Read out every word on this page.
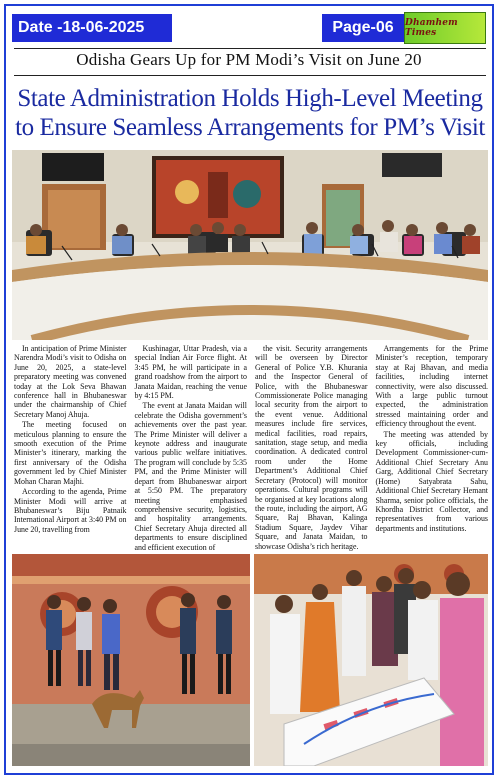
Date -18-06-2025	Page-06	Dhamhem Times
Odisha Gears Up for PM Modi’s Visit on June 20
State Administration Holds High-Level Meeting
to Ensure Seamless Arrangements for PM’s Visit

In anticipation of Prime Minister Narendra Modi’s visit to Odisha on June 20, 2025, a state-level preparatory meeting was convened today at the Lok Seva Bhawan conference hall in Bhubaneswar under the chairmanship of Chief Secretary Manoj Ahuja.

The meeting focused on meticulous planning to ensure the smooth execution of the Prime Minister’s itinerary, marking the first anniversary of the Odisha government led by Chief Minister Mohan Charan Majhi.

According to the agenda, Prime Minister Modi will arrive at Bhubaneswar’s Biju Patnaik International Airport at 3:40 PM on June 20, travelling from

Kushinagar, Uttar Pradesh, via a special Indian Air Force flight. At 3:45 PM, he will participate in a grand roadshow from the airport to Janata Maidan, reaching the venue by 4:15 PM.

The event at Janata Maidan will celebrate the Odisha government’s achievements over the past year. The Prime Minister will deliver a keynote address and inaugurate various public welfare initiatives. The program will conclude by 5:35 PM, and the Prime Minister will depart from Bhubaneswar airport at 5:50 PM. The preparatory meeting emphasised comprehensive security, logistics, and hospitality arrangements. Chief Secretary Ahuja directed all departments to ensure disciplined and efficient execution of

the visit. Security arrangements will be overseen by Director General of Police Y.B. Khurania and the Inspector General of Police, with the Bhubaneswar Commissionerate Police managing local security from the airport to the event venue. Additional measures include fire services, medical facilities, road repairs, sanitation, stage setup, and media coordination. A dedicated control room under the Home Department’s Additional Chief Secretary (Protocol) will monitor operations. Cultural programs will be organised at key locations along the route, including the airport, AG Square, Raj Bhavan, Kalinga Stadium Square, Jaydev Vihar Square, and Janata Maidan, to showcase Odisha’s rich heritage.

Arrangements for the Prime Minister’s reception, temporary stay at Raj Bhavan, and media facilities, including internet connectivity, were also discussed. With a large public turnout expected, the administration stressed maintaining order and efficiency throughout the event.

The meeting was attended by key officials, including Development Commissioner-cum-Additional Chief Secretary Anu Garg, Additional Chief Secretary (Home) Satyabrata Sahu, Additional Chief Secretary Hemant Sharma, senior police officials, the Khordha District Collector, and representatives from various departments and institutions.
